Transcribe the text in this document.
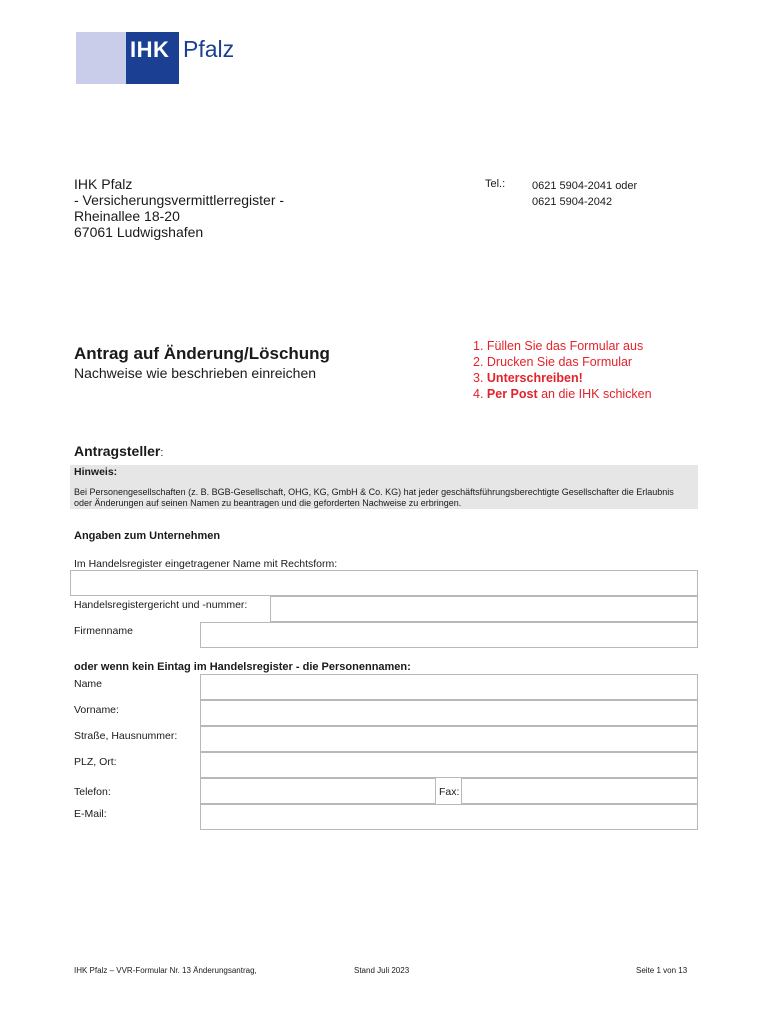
IHK Pfalz
IHK Pfalz
- Versicherungsvermittlerregister -
Rheinallee 18-20
67061 Ludwigshafen
Tel.: 0621 5904-2041 oder
0621 5904-2042
Antrag auf Änderung/Löschung
Nachweise wie beschrieben einreichen
1. Füllen Sie das Formular aus
2. Drucken Sie das Formular
3. Unterschreiben!
4. Per Post an die IHK schicken
Antragsteller:
Hinweis:
Bei Personengesellschaften (z. B. BGB-Gesellschaft, OHG, KG, GmbH & Co. KG) hat jeder geschäftsführungsberechtigte Gesellschafter die Erlaubnis oder Änderungen auf seinen Namen zu beantragen und die geforderten Nachweise zu erbringen.
Angaben zum Unternehmen
Im Handelsregister eingetragener Name mit Rechtsform:
Handelsregistergericht und -nummer:
Firmenname
oder wenn kein Eintag im Handelsregister - die Personennamen:
Name
Vorname:
Straße, Hausnummer:
PLZ, Ort:
Telefon:	Fax:
E-Mail:
IHK Pfalz – VVR-Formular Nr. 13 Änderungsantrag,	Stand Juli 2023	Seite 1 von 13
